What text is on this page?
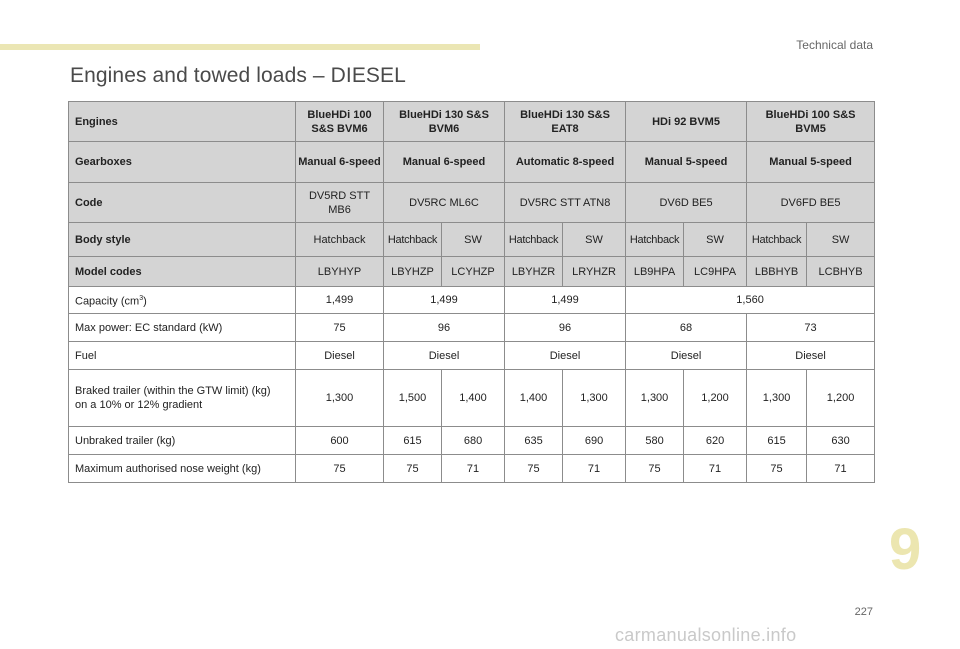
Technical data
Engines and towed loads – DIESEL
Engines	BlueHDi 100 S&S BVM6	BlueHDi 130 S&S BVM6		BlueHDi 130 S&S EAT8		HDi 92 BVM5		BlueHDi 100 S&S BVM5	
Gearboxes	Manual 6-speed	Manual 6-speed		Automatic 8-speed		Manual 5-speed		Manual 5-speed	
Code	DV5RD STT MB6	DV5RC ML6C		DV5RC STT ATN8		DV6D BE5		DV6FD BE5	
Body style	Hatchback	Hatchback	SW	Hatchback	SW	Hatchback	SW	Hatchback	SW
Model codes	LBYHYP	LBYHZP	LCYHZP	LBYHZR	LRYHZR	LB9HPA	LC9HPA	LBBHYB	LCBHYB
Capacity $(cm^3)$	1,499	1,499		1,499		1,560			
Max power: EC standard (kW)	75	96		96		68		73	
Fuel	Diesel	Diesel		Diesel		Diesel		Diesel	
Braked trailer (within the GTW limit) (kg)
on a 10% or 12% gradient	1,300	1,500	1,400	1,400	1,300	1,300	1,200	1,300	1,200
Unbraked trailer (kg)	600	615	680	635	690	580	620	615	630
Maximum authorised nose weight (kg)	75	75	71	75	71	75	71	75	71
9
227
carmanualsonline.info
